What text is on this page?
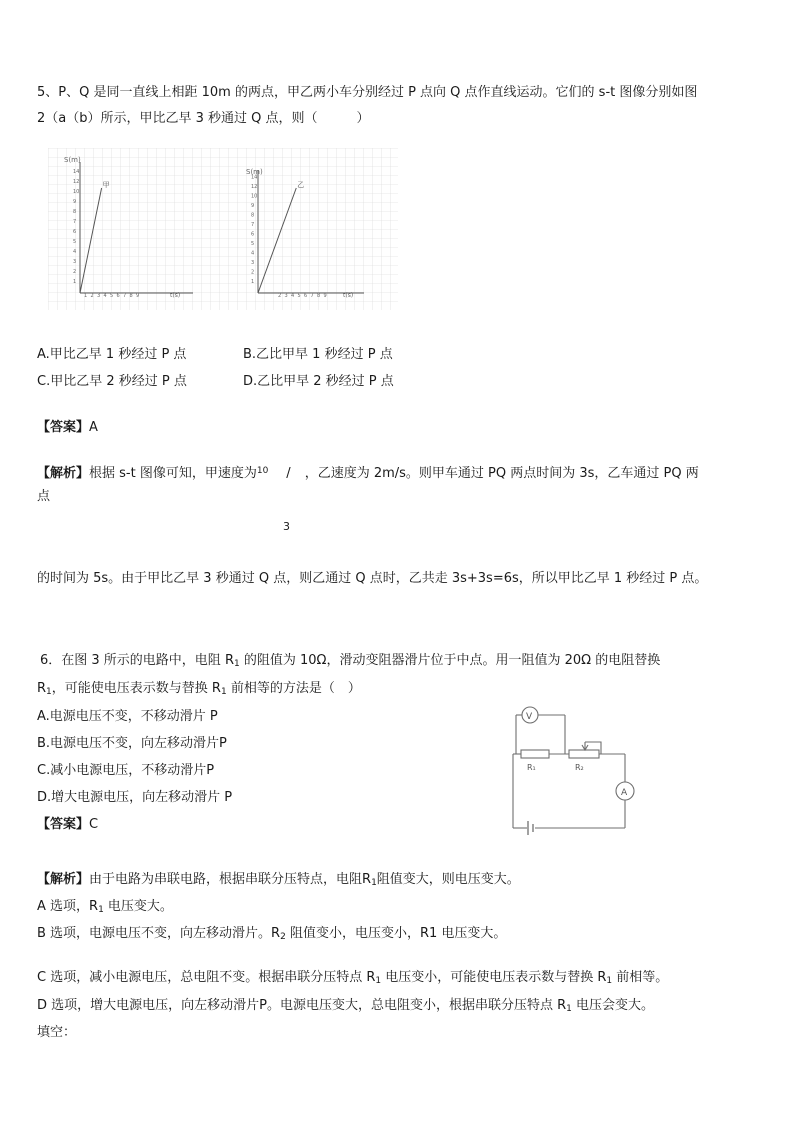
5、P、Q 是同一直线上相距 10m 的两点，甲乙两小车分别经过 P 点向 Q 点作直线运动。它们的 s-t 图像分别如图
2（a（b）所示，甲比乙早 3 秒通过 Q 点，则（　　　）
S(m)
t(s)
14
12
10
9
8
7
6
5
4
3
2
1
1 2 3 4 5 6 7 8 9
甲
S(m)
t(s)
14
12
10
9
8
7
6
5
4
3
2
1
2 3 4 5 6 7 8 9
乙
A.甲比乙早 1 秒经过 P 点	B.乙比甲早 1 秒经过 P 点
C.甲比乙早 2 秒经过 P 点	D.乙比甲早 2 秒经过 P 点
【答案】A
【解析】根据 s-t 图像可知，甲速度为$^{10}$ / ，乙速度为 2m/s。则甲车通过 PQ 两点时间为 3s，乙车通过 PQ 两
点
3
的时间为 5s。由于甲比乙早 3 秒通过 Q 点，则乙通过 Q 点时，乙共走 3s+3s=6s，所以甲比乙早 1 秒经过 P 点。
6．在图 3 所示的电路中，电阻 $R_1$ 的阻值为 10Ω，滑动变阻器滑片位于中点。用一阻值为 20Ω 的电阻替换
$R_1$，可能使电压表示数与替换 $R_1$ 前相等的方法是（　）
A.电源电压不变，不移动滑片 P
B.电源电压不变，向左移动滑片P
C.减小电源电压，不移动滑片P
D.增大电源电压，向左移动滑片 P
【答案】C
V
A
R₁	R₂
【解析】由于电路为串联电路，根据串联分压特点，电阻$R_1$阻值变大，则电压变大。
A 选项，$R_1$ 电压变大。
B 选项，电源电压不变，向左移动滑片。$R_2$ 阻值变小，电压变小，R1 电压变大。
C 选项，减小电源电压，总电阻不变。根据串联分压特点 $R_1$ 电压变小，可能使电压表示数与替换 $R_1$ 前相等。
D 选项，增大电源电压，向左移动滑片P。电源电压变大，总电阻变小，根据串联分压特点 $R_1$ 电压会变大。
填空：
